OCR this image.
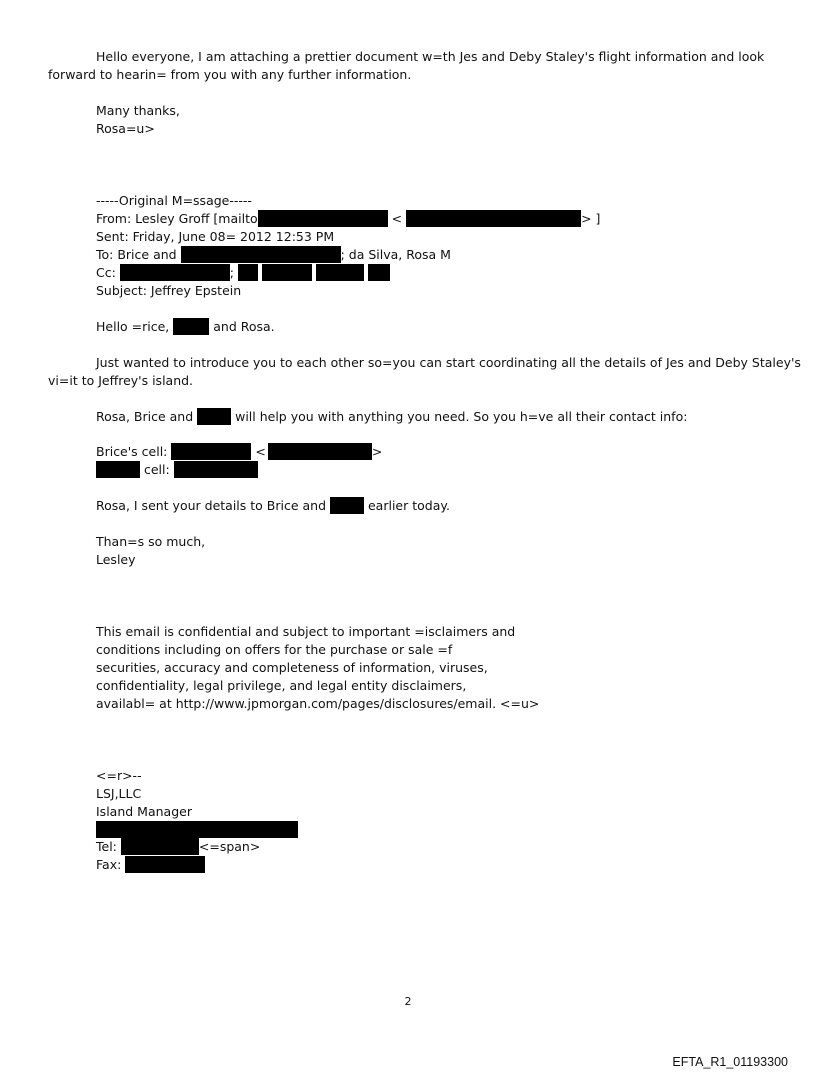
Hello everyone, I am attaching a prettier document w=th Jes and Deby Staley's flight information and look
forward to hearin= from you with any further information.
Many thanks,
Rosa=u>
-----Original M=ssage-----
From: Lesley Groff [mailto	<	> ]
Sent: Friday, June 08= 2012 12:53 PM
To: Brice and	; da Silva, Rosa M
Cc:	;
Subject: Jeffrey Epstein
Hello =rice,	and Rosa.
Just wanted to introduce you to each other so=you can start coordinating all the details of Jes and Deby Staley's
vi=it to Jeffrey's island.
Rosa, Brice and	will help you with anything you need. So you h=ve all their contact info:
Brice's cell:	<	>
cell:
Rosa, I sent your details to Brice and	earlier today.
Than=s so much,
Lesley
This email is confidential and subject to important =isclaimers and
conditions including on offers for the purchase or sale =f
securities, accuracy and completeness of information, viruses,
confidentiality, legal privilege, and legal entity disclaimers,
availabl= at http://www.jpmorgan.com/pages/disclosures/email. <=u>
<=r>--
LSJ,LLC
Island Manager
Tel:	<=span>
Fax:
2
EFTA_R1_01193300
